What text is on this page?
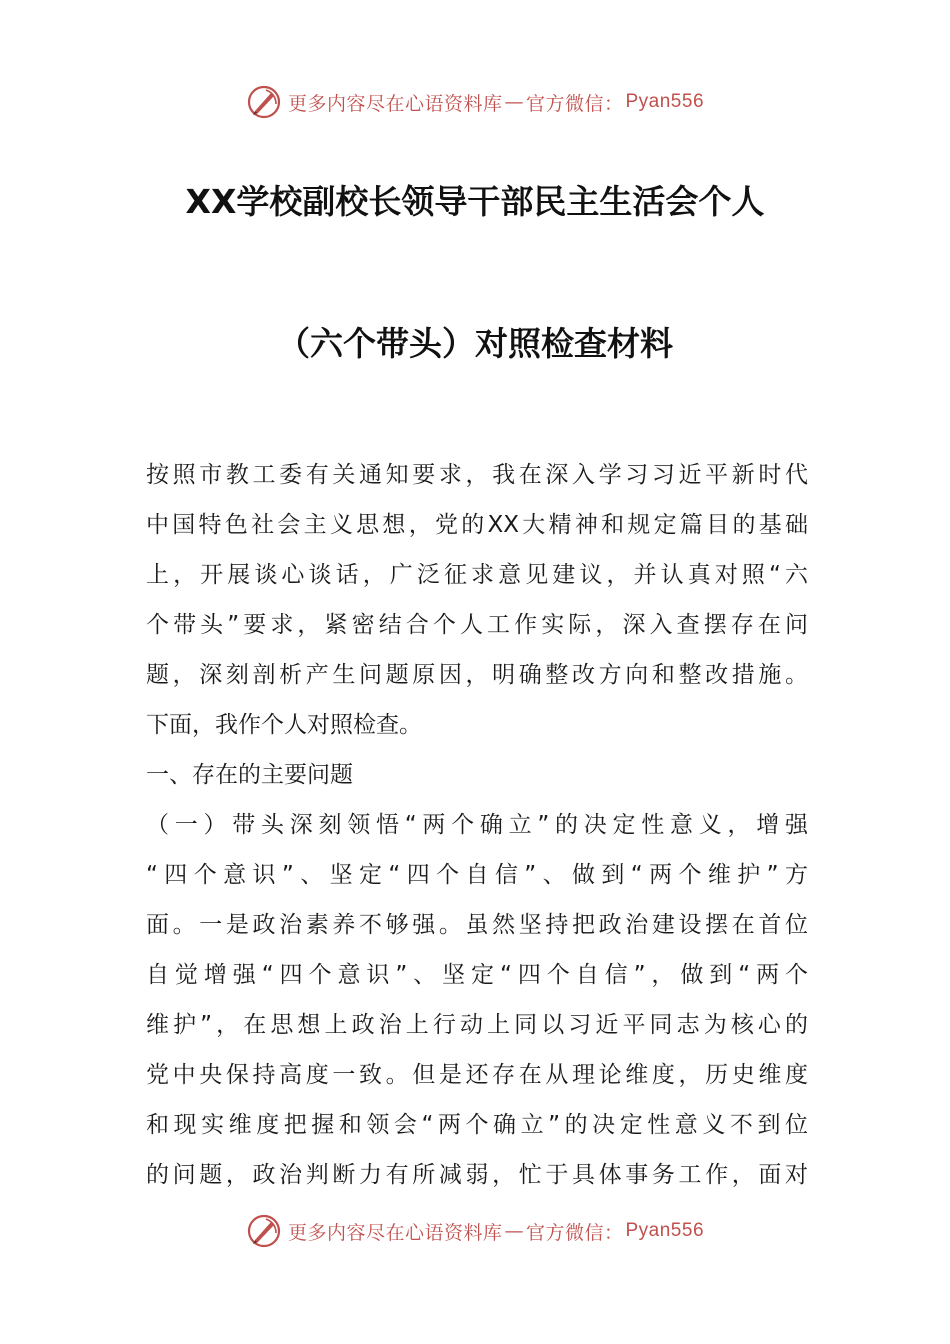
更多内容尽在心语资料库 — 官方微信： Pyan556
XX学校副校长领导干部民主生活会个人
（六个带头）对照检查材料
按照市教工委有关通知要求，我在深入学习习近平新时代
中国特色社会主义思想，党的XX大精神和规定篇目的基础
上，开展谈心谈话，广泛征求意见建议，并认真对照“六
个带头”要求，紧密结合个人工作实际，深入查摆存在问
题，深刻剖析产生问题原因，明确整改方向和整改措施。
下面，我作个人对照检查。
一、存在的主要问题
（一）带头深刻领悟“两个确立”的决定性意义，增强
“四个意识”、坚定“四个自信”、做到“两个维护”方
面。一是政治素养不够强。虽然坚持把政治建设摆在首位
自觉增强“四个意识”、坚定“四个自信”，做到“两个
维护”，在思想上政治上行动上同以习近平同志为核心的
党中央保持高度一致。但是还存在从理论维度，历史维度
和现实维度把握和领会“两个确立”的决定性意义不到位
的问题，政治判断力有所减弱，忙于具体事务工作，面对
更多内容尽在心语资料库 — 官方微信： Pyan556
